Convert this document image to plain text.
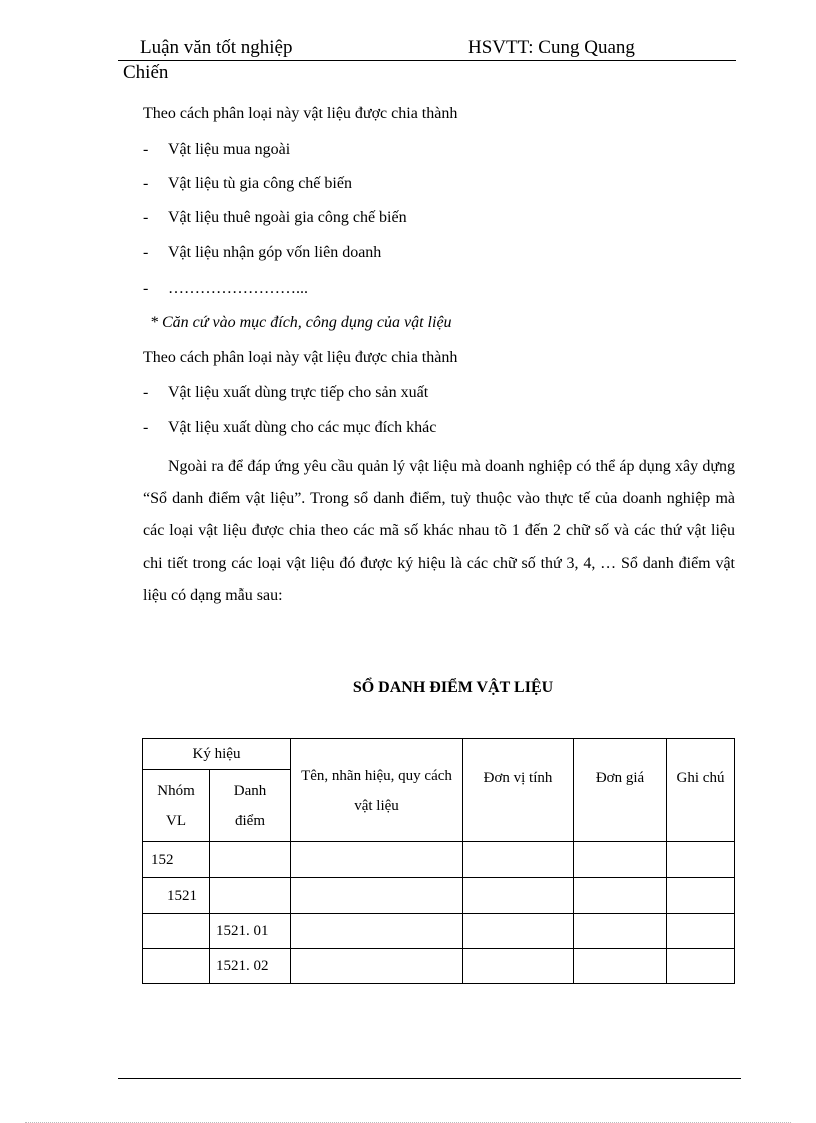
Luận văn tốt nghiệp	HSVTT: Cung Quang
Chiến
Theo cách phân loại này vật liệu được chia thành
- Vật liệu mua ngoài
- Vật liệu tù gia công chế biến
- Vật liệu thuê ngoài gia công chế biến
- Vật liệu nhận góp vốn liên doanh
- ……………………...
* Căn cứ vào mục đích, công dụng của vật liệu
Theo cách phân loại này vật liệu được chia thành
- Vật liệu xuất dùng trực tiếp cho sản xuất
- Vật liệu xuất dùng cho các mục đích khác
Ngoài ra để đáp ứng yêu cầu quản lý vật liệu mà doanh nghiệp có thể áp dụng xây dựng “Sổ danh điểm vật liệu”. Trong sổ danh điểm, tuỳ thuộc vào thực tế của doanh nghiệp mà các loại vật liệu được chia theo các mã số khác nhau tõ 1 đến 2 chữ số và các thứ vật liệu chi tiết trong các loại vật liệu đó được ký hiệu là các chữ số thứ 3, 4, … Sổ danh điểm vật liệu có dạng mẫu sau:
SỔ DANH ĐIỂM VẬT LIỆU
Ký hiệu		Tên, nhãn hiệu, quy cách vật liệu	Đơn vị tính	Đơn giá	Ghi chú
Nhóm VL	Danh điểm				
152					
1521					
	1521. 01				
	1521. 02				
